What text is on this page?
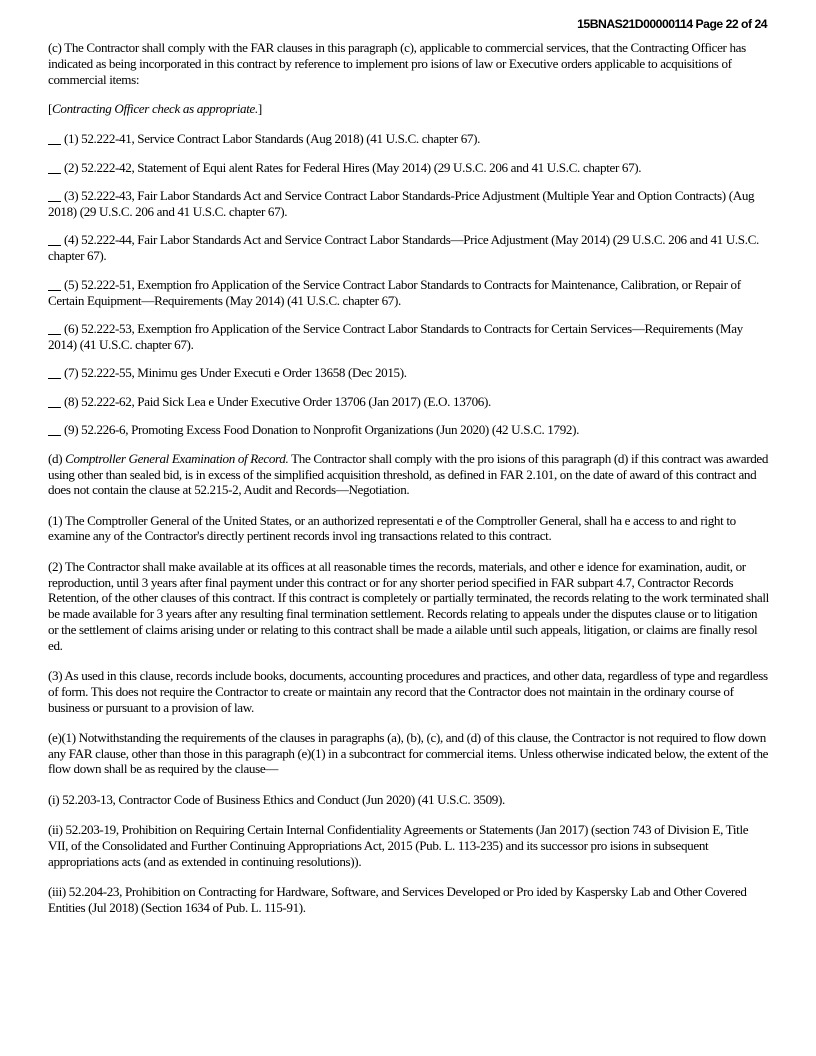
15BNAS21D00000114 Page 22 of 24

(c) The Contractor shall comply with the FAR clauses in this paragraph (c), applicable to commercial services, that the Contracting Officer has indicated as being incorporated in this contract by reference to implement pro isions of law or Executive orders applicable to acquisitions of commercial items:

[Contracting Officer check as appropriate.]

(1) 52.222-41, Service Contract Labor Standards (Aug 2018) (41 U.S.C. chapter 67).

(2) 52.222-42, Statement of Equi alent Rates for Federal Hires (May 2014) (29 U.S.C. 206 and 41 U.S.C. chapter 67).

(3) 52.222-43, Fair Labor Standards Act and Service Contract Labor Standards-Price Adjustment (Multiple Year and Option Contracts) (Aug 2018) (29 U.S.C. 206 and 41 U.S.C. chapter 67).

(4) 52.222-44, Fair Labor Standards Act and Service Contract Labor Standards—Price Adjustment (May 2014) (29 U.S.C. 206 and 41 U.S.C. chapter 67).

(5) 52.222-51, Exemption fro Application of the Service Contract Labor Standards to Contracts for Maintenance, Calibration, or Repair of Certain Equipment—Requirements (May 2014) (41 U.S.C. chapter 67).

(6) 52.222-53, Exemption fro Application of the Service Contract Labor Standards to Contracts for Certain Services—Requirements (May 2014) (41 U.S.C. chapter 67).

(7) 52.222-55, Minimu ges Under Executi e Order 13658 (Dec 2015).

(8) 52.222-62, Paid Sick Lea e Under Executive Order 13706 (Jan 2017) (E.O. 13706).

(9) 52.226-6, Promoting Excess Food Donation to Nonprofit Organizations (Jun 2020) (42 U.S.C. 1792).

(d) Comptroller General Examination of Record. The Contractor shall comply with the pro isions of this paragraph (d) if this contract was awarded using other than sealed bid, is in excess of the simplified acquisition threshold, as defined in FAR 2.101, on the date of award of this contract and does not contain the clause at 52.215-2, Audit and Records—Negotiation.

(1) The Comptroller General of the United States, or an authorized representati e of the Comptroller General, shall ha e access to and right to examine any of the Contractor's directly pertinent records invol ing transactions related to this contract.

(2) The Contractor shall make available at its offices at all reasonable times the records, materials, and other e idence for examination, audit, or reproduction, until 3 years after final payment under this contract or for any shorter period specified in FAR subpart 4.7, Contractor Records Retention, of the other clauses of this contract. If this contract is completely or partially terminated, the records relating to the work terminated shall be made available for 3 years after any resulting final termination settlement. Records relating to appeals under the disputes clause or to litigation or the settlement of claims arising under or relating to this contract shall be made a ailable until such appeals, litigation, or claims are finally resol ed.

(3) As used in this clause, records include books, documents, accounting procedures and practices, and other data, regardless of type and regardless of form. This does not require the Contractor to create or maintain any record that the Contractor does not maintain in the ordinary course of business or pursuant to a provision of law.

(e)(1) Notwithstanding the requirements of the clauses in paragraphs (a), (b), (c), and (d) of this clause, the Contractor is not required to flow down any FAR clause, other than those in this paragraph (e)(1) in a subcontract for commercial items. Unless otherwise indicated below, the extent of the flow down shall be as required by the clause—

(i) 52.203-13, Contractor Code of Business Ethics and Conduct (Jun 2020) (41 U.S.C. 3509).

(ii) 52.203-19, Prohibition on Requiring Certain Internal Confidentiality Agreements or Statements (Jan 2017) (section 743 of Division E, Title VII, of the Consolidated and Further Continuing Appropriations Act, 2015 (Pub. L. 113-235) and its successor pro isions in subsequent appropriations acts (and as extended in continuing resolutions)).

(iii) 52.204-23, Prohibition on Contracting for Hardware, Software, and Services Developed or Pro ided by Kaspersky Lab and Other Covered Entities (Jul 2018) (Section 1634 of Pub. L. 115-91).
